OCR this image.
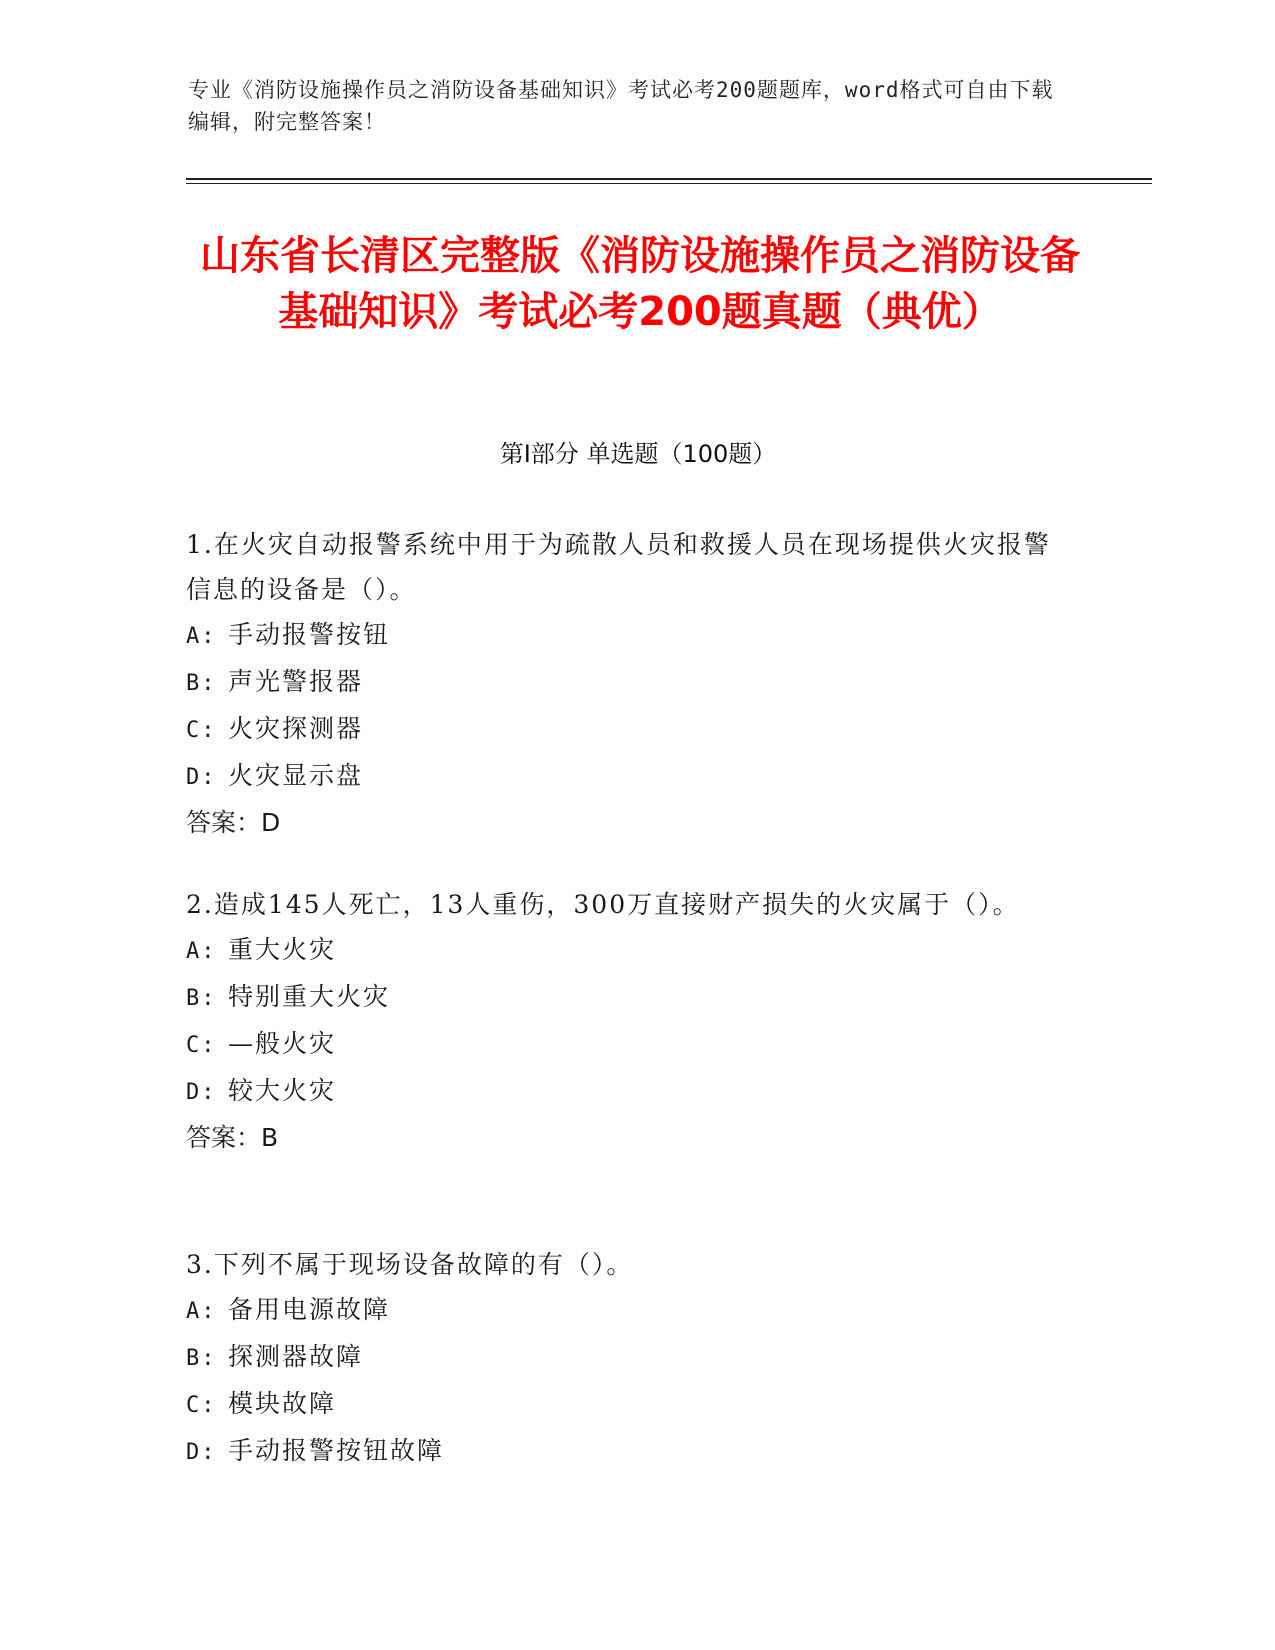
专业《消防设施操作员之消防设备基础知识》考试必考200题题库，word格式可自由下载编辑，附完整答案！
山东省长清区完整版《消防设施操作员之消防设备基础知识》考试必考200题真题（典优）
第I部分 单选题（100题）

1.在火灾自动报警系统中用于为疏散人员和救援人员在现场提供火灾报警信息的设备是（）。

A: 手动报警按钮

B: 声光警报器

C: 火灾探测器

D: 火灾显示盘

答案：D

2.造成145人死亡，13人重伤，300万直接财产损失的火灾属于（）。

A: 重大火灾

B: 特别重大火灾

C: —般火灾

D: 较大火灾

答案：B

3.下列不属于现场设备故障的有（）。

A: 备用电源故障

B: 探测器故障

C: 模块故障

D: 手动报警按钮故障
